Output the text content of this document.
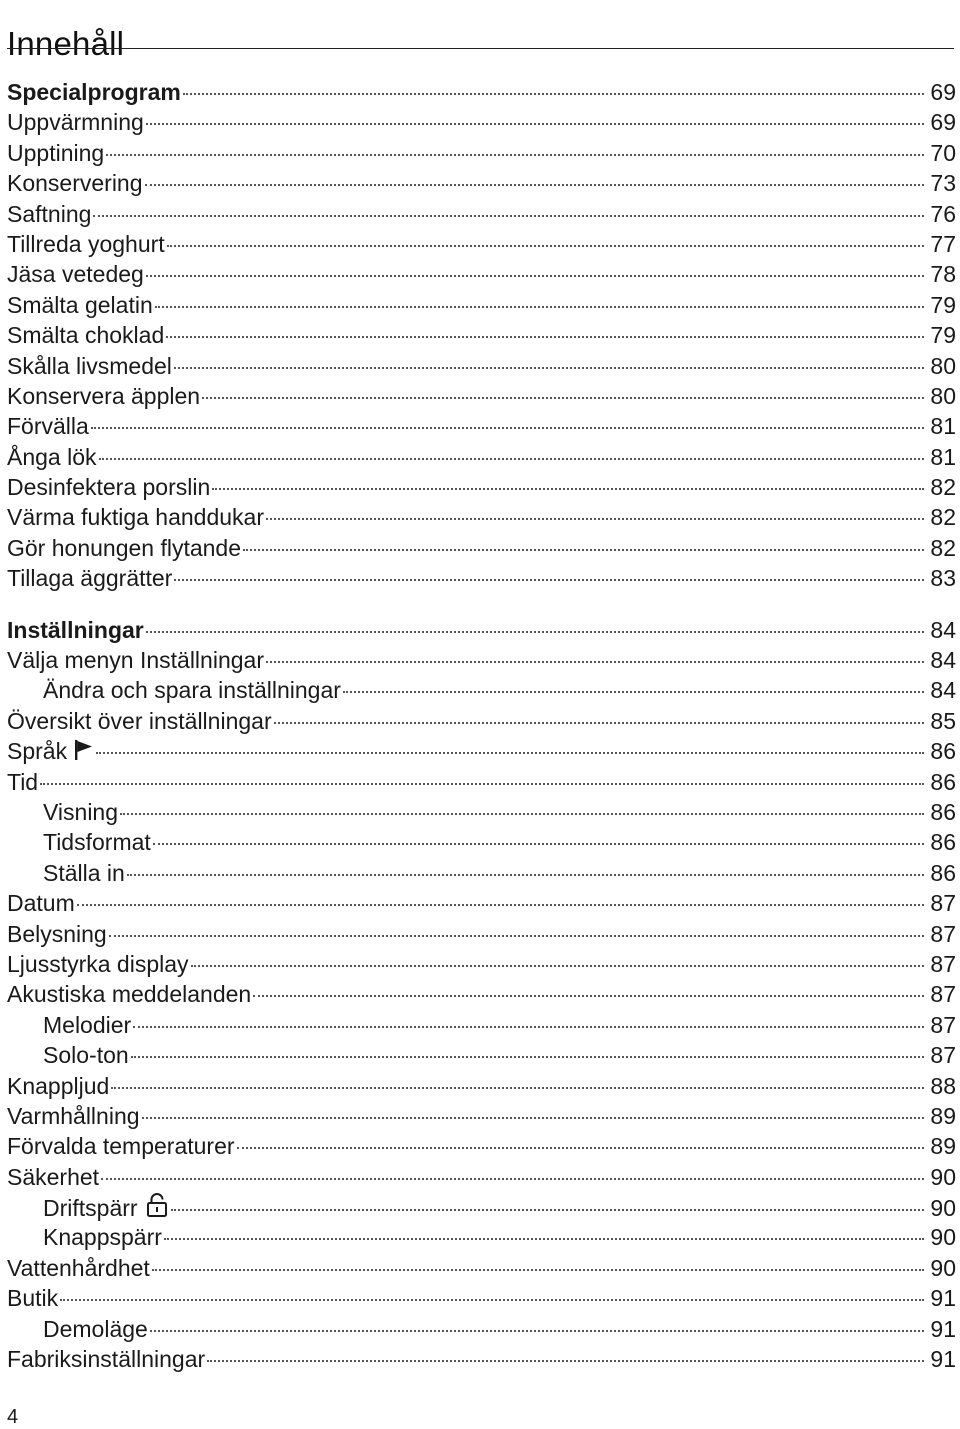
Innehåll
Specialprogram	69
Uppvärmning	69
Upptining	70
Konservering	73
Saftning	76
Tillreda yoghurt	77
Jäsa vetedeg	78
Smälta gelatin	79
Smälta choklad	79
Skålla livsmedel	80
Konservera äpplen	80
Förvälla	81
Ånga lök	81
Desinfektera porslin	82
Värma fuktiga handdukar	82
Gör honungen flytande	82
Tillaga äggrätter	83
Inställningar	84
Välja menyn Inställningar	84
Ändra och spara inställningar	84
Översikt över inställningar	85
Språk	86
Tid	86
Visning	86
Tidsformat	86
Ställa in	86
Datum	87
Belysning	87
Ljusstyrka display	87
Akustiska meddelanden	87
Melodier	87
Solo-ton	87
Knappljud	88
Varmhållning	89
Förvalda temperaturer	89
Säkerhet	90
Driftspärr	90
Knappspärr	90
Vattenhårdhet	90
Butik	91
Demoläge	91
Fabriksinställningar	91
4
